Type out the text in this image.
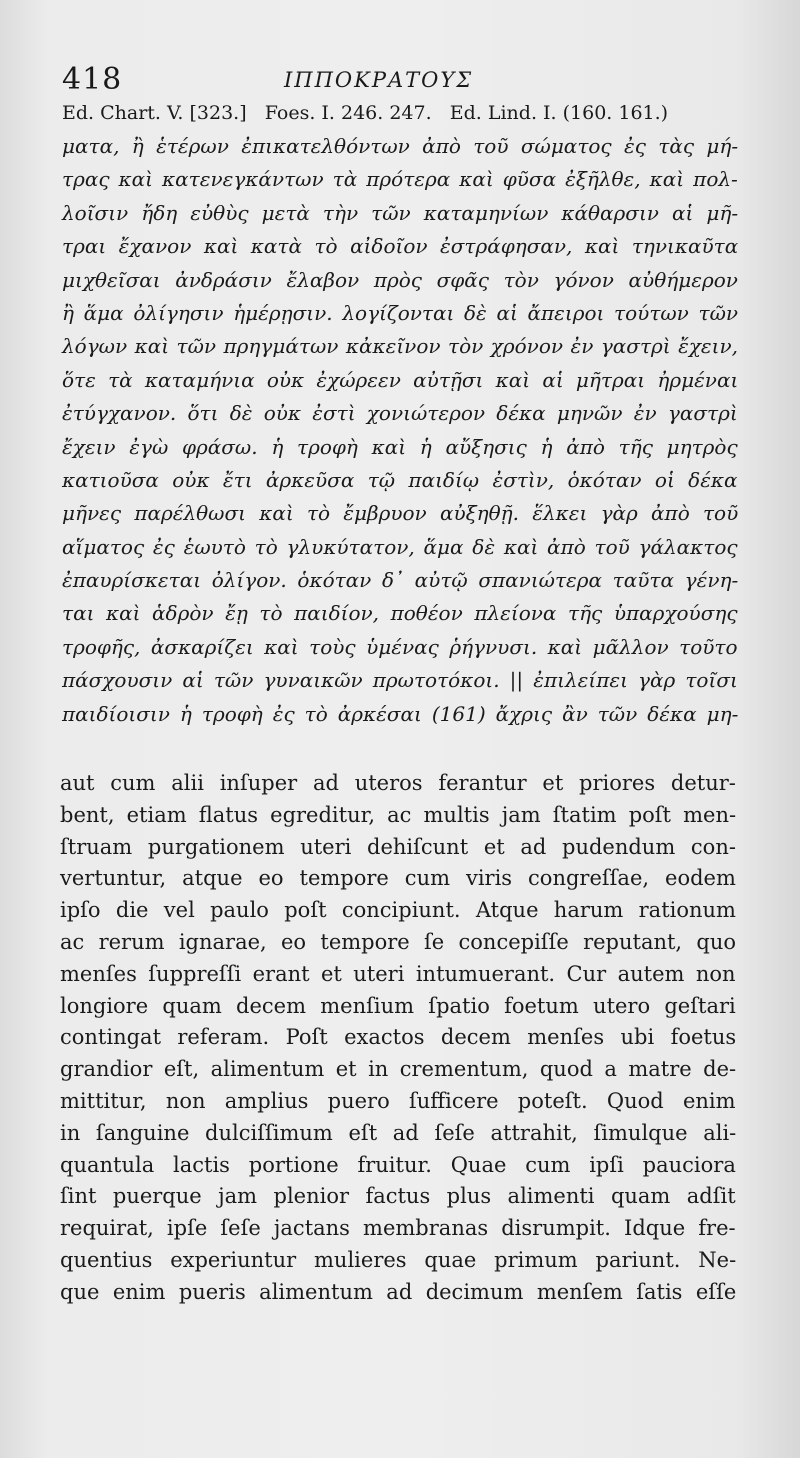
418	ΙΠΠΟΚΡΑΤΟΥΣ
Ed. Chart. V. [323.]   Foes. I. 246. 247.   Ed. Lind. I. (160. 161.)
ματα, ἢ ἑτέρων ἐπικατελθόντων ἀπὸ τοῦ σώματος ἐς τὰς μή-
τρας καὶ κατενεγκάντων τὰ πρότερα καὶ φῦσα ἐξῆλθε, καὶ πολ-
λοῖσιν ἤδη εὐθὺς μετὰ τὴν τῶν καταμηνίων κάθαρσιν αἱ μῆ-
τραι ἔχανον καὶ κατὰ τὸ αἰδοῖον ἐστράφησαν, καὶ τηνικαῦτα
μιχθεῖσαι ἀνδράσιν ἔλαβον πρὸς σφᾶς τὸν γόνον αὐθήμερον
ἢ ἅμα ὀλίγησιν ἡμέρῃσιν. λογίζονται δὲ αἱ ἄπειροι τούτων τῶν
λόγων καὶ τῶν πρηγμάτων κἀκεῖνον τὸν χρόνον ἐν γαστρὶ ἔχειν,
ὅτε τὰ καταμήνια οὐκ ἐχώρεεν αὐτῇσι καὶ αἱ μῆτραι ἠρμέναι
ἐτύγχανον. ὅτι δὲ οὐκ ἐστὶ χονιώτερον δέκα μηνῶν ἐν γαστρὶ
ἔχειν ἐγὼ φράσω. ἡ τροφὴ καὶ ἡ αὔξησις ἡ ἀπὸ τῆς μητρὸς
κατιοῦσα οὐκ ἔτι ἀρκεῦσα τῷ παιδίῳ ἐστὶν, ὁκόταν οἱ δέκα
μῆνες παρέλθωσι καὶ τὸ ἔμβρυον αὐξηθῇ. ἕλκει γὰρ ἀπὸ τοῦ
αἵματος ἐς ἑωυτὸ τὸ γλυκύτατον, ἅμα δὲ καὶ ἀπὸ τοῦ γάλακτος
ἐπαυρίσκεται ὀλίγον. ὁκόταν δ᾽ αὐτῷ σπανιώτερα ταῦτα γένη-
ται καὶ ἁδρὸν ἔῃ τὸ παιδίον, ποθέον πλείονα τῆς ὑπαρχούσης
τροφῆς, ἀσκαρίζει καὶ τοὺς ὑμένας ῥήγνυσι. καὶ μᾶλλον τοῦτο
πάσχουσιν αἱ τῶν γυναικῶν πρωτοτόκοι. || ἐπιλείπει γὰρ τοῖσι
παιδίοισιν ἡ τροφὴ ἐς τὸ ἀρκέσαι (161) ἄχρις ἂν τῶν δέκα μη-
aut cum alii inſuper ad uteros ferantur et priores detur-
bent, etiam flatus egreditur, ac multis jam ſtatim poſt men-
ſtruam purgationem uteri dehiſcunt et ad pudendum con-
vertuntur, atque eo tempore cum viris congreſſae, eodem
ipſo die vel paulo poſt concipiunt. Atque harum rationum
ac rerum ignarae, eo tempore ſe concepiſſe reputant, quo
menſes ſuppreſſi erant et uteri intumuerant. Cur autem non
longiore quam decem menſium ſpatio foetum utero geſtari
contingat referam. Poſt exactos decem menſes ubi foetus
grandior eſt, alimentum et in crementum, quod a matre de-
mittitur, non amplius puero ſufficere poteſt. Quod enim
in ſanguine dulciſſimum eſt ad ſeſe attrahit, ſimulque ali-
quantula lactis portione fruitur. Quae cum ipſi pauciora
ſint puerque jam plenior factus plus alimenti quam adſit
requirat, ipſe ſeſe jactans membranas disrumpit. Idque fre-
quentius experiuntur mulieres quae primum pariunt. Ne-
que enim pueris alimentum ad decimum menſem ſatis eſſe
